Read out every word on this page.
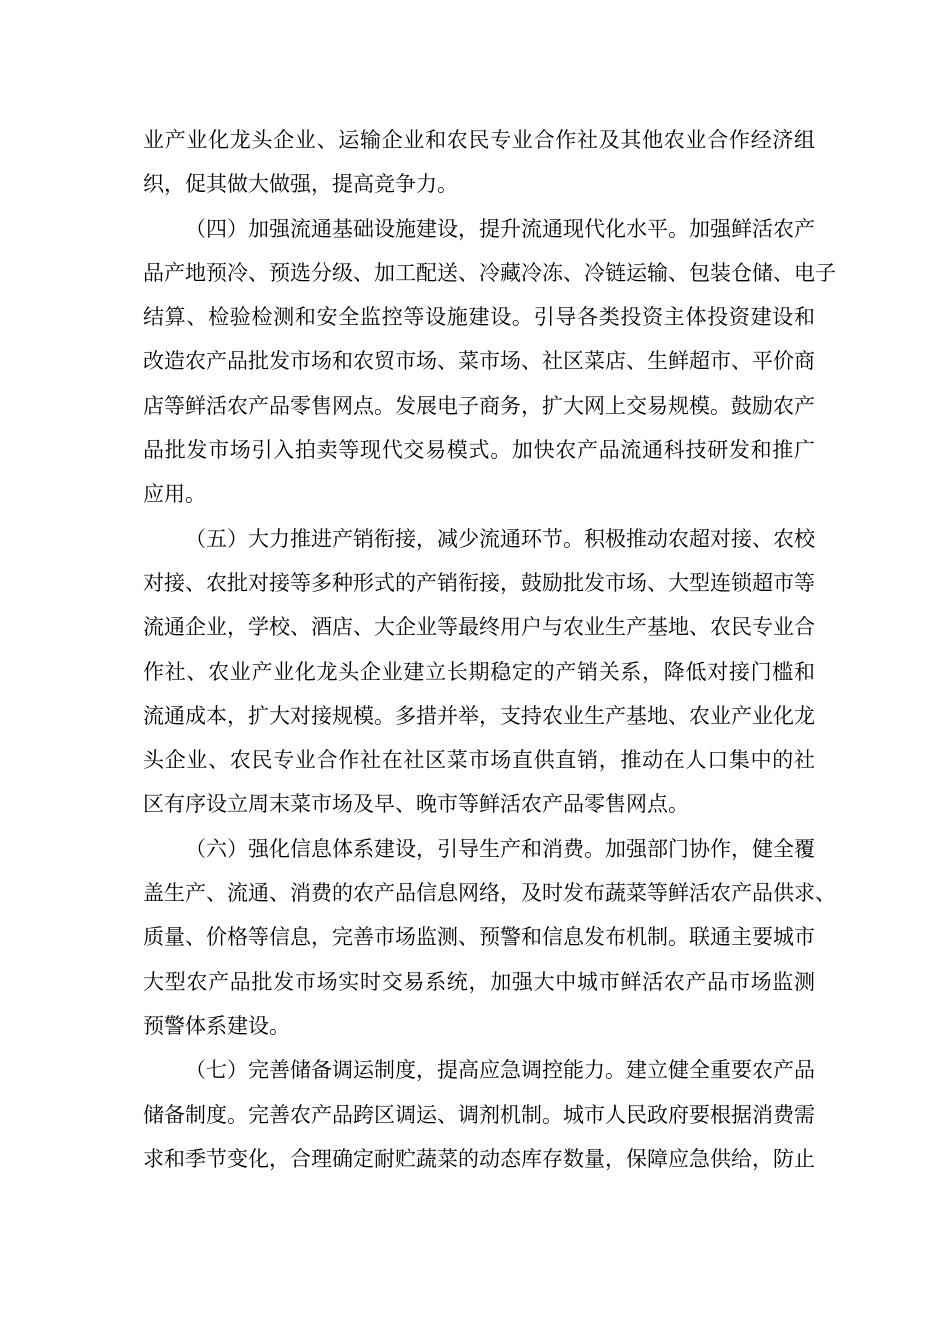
业产业化龙头企业、运输企业和农民专业合作社及其他农业合作经济组
织，促其做大做强，提高竞争力。
（四）加强流通基础设施建设，提升流通现代化水平。加强鲜活农产
品产地预冷、预选分级、加工配送、冷藏冷冻、冷链运输、包装仓储、电子
结算、检验检测和安全监控等设施建设。引导各类投资主体投资建设和
改造农产品批发市场和农贸市场、菜市场、社区菜店、生鲜超市、平价商
店等鲜活农产品零售网点。发展电子商务，扩大网上交易规模。鼓励农产
品批发市场引入拍卖等现代交易模式。加快农产品流通科技研发和推广
应用。
（五）大力推进产销衔接，减少流通环节。积极推动农超对接、农校
对接、农批对接等多种形式的产销衔接，鼓励批发市场、大型连锁超市等
流通企业，学校、酒店、大企业等最终用户与农业生产基地、农民专业合
作社、农业产业化龙头企业建立长期稳定的产销关系，降低对接门槛和
流通成本，扩大对接规模。多措并举，支持农业生产基地、农业产业化龙
头企业、农民专业合作社在社区菜市场直供直销，推动在人口集中的社
区有序设立周末菜市场及早、晚市等鲜活农产品零售网点。
（六）强化信息体系建设，引导生产和消费。加强部门协作，健全覆
盖生产、流通、消费的农产品信息网络，及时发布蔬菜等鲜活农产品供求、
质量、价格等信息，完善市场监测、预警和信息发布机制。联通主要城市
大型农产品批发市场实时交易系统，加强大中城市鲜活农产品市场监测
预警体系建设。
（七）完善储备调运制度，提高应急调控能力。建立健全重要农产品
储备制度。完善农产品跨区调运、调剂机制。城市人民政府要根据消费需
求和季节变化，合理确定耐贮蔬菜的动态库存数量，保障应急供给，防止
